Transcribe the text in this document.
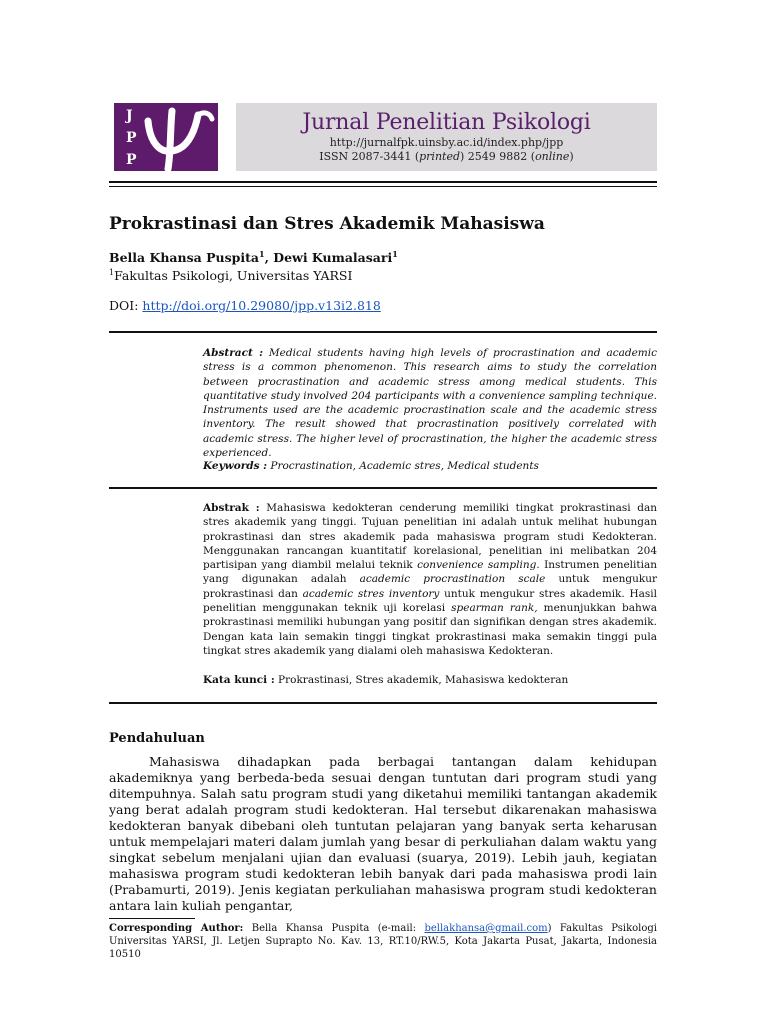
J
P
P
Jurnal Penelitian Psikologi
http://jurnalfpk.uinsby.ac.id/index.php/jpp
ISSN 2087-3441 (printed) 2549 9882 (online)
Prokrastinasi dan Stres Akademik Mahasiswa
Bella Khansa Puspita$^1$, Dewi Kumalasari$^1$
$^1$Fakultas Psikologi, Universitas YARSI
DOI: http://doi.org/10.29080/jpp.v13i2.818
Abstract : Medical students having high levels of procrastination and academic stress is a common phenomenon. This research aims to study the correlation between procrastination and academic stress among medical students. This quantitative study involved 204 participants with a convenience sampling technique. Instruments used are the academic procrastination scale and the academic stress inventory. The result showed that procrastination positively correlated with academic stress. The higher level of procrastination, the higher the academic stress experienced.
Keywords : Procrastination, Academic stres, Medical students
Abstrak : Mahasiswa kedokteran cenderung memiliki tingkat prokrastinasi dan stres akademik yang tinggi. Tujuan penelitian ini adalah untuk melihat hubungan prokrastinasi dan stres akademik pada mahasiswa program studi Kedokteran. Menggunakan rancangan kuantitatif korelasional, penelitian ini melibatkan 204 partisipan yang diambil melalui teknik convenience sampling. Instrumen penelitian yang digunakan adalah academic procrastination scale untuk mengukur prokrastinasi dan academic stres inventory untuk mengukur stres akademik. Hasil penelitian menggunakan teknik uji korelasi spearman rank, menunjukkan bahwa prokrastinasi memiliki hubungan yang positif dan signifikan dengan stres akademik. Dengan kata lain semakin tinggi tingkat prokrastinasi maka semakin tinggi pula tingkat stres akademik yang dialami oleh mahasiswa Kedokteran.
Kata kunci : Prokrastinasi, Stres akademik, Mahasiswa kedokteran
Pendahuluan

Mahasiswa dihadapkan pada berbagai tantangan dalam kehidupan akademiknya yang berbeda-beda sesuai dengan tuntutan dari program studi yang ditempuhnya. Salah satu program studi yang diketahui memiliki tantangan akademik yang berat adalah program studi kedokteran. Hal tersebut dikarenakan mahasiswa kedokteran banyak dibebani oleh tuntutan pelajaran yang banyak serta keharusan untuk mempelajari materi dalam jumlah yang besar di perkuliahan dalam waktu yang singkat sebelum menjalani ujian dan evaluasi (suarya, 2019). Lebih jauh, kegiatan mahasiswa program studi kedokteran lebih banyak dari pada mahasiswa prodi lain (Prabamurti, 2019). Jenis kegiatan perkuliahan mahasiswa program studi kedokteran antara lain kuliah pengantar,

Corresponding Author: Bella Khansa Puspita (e-mail: bellakhansa@gmail.com) Fakultas Psikologi Universitas YARSI, Jl. Letjen Suprapto No. Kav. 13, RT.10/RW.5, Kota Jakarta Pusat, Jakarta, Indonesia 10510
